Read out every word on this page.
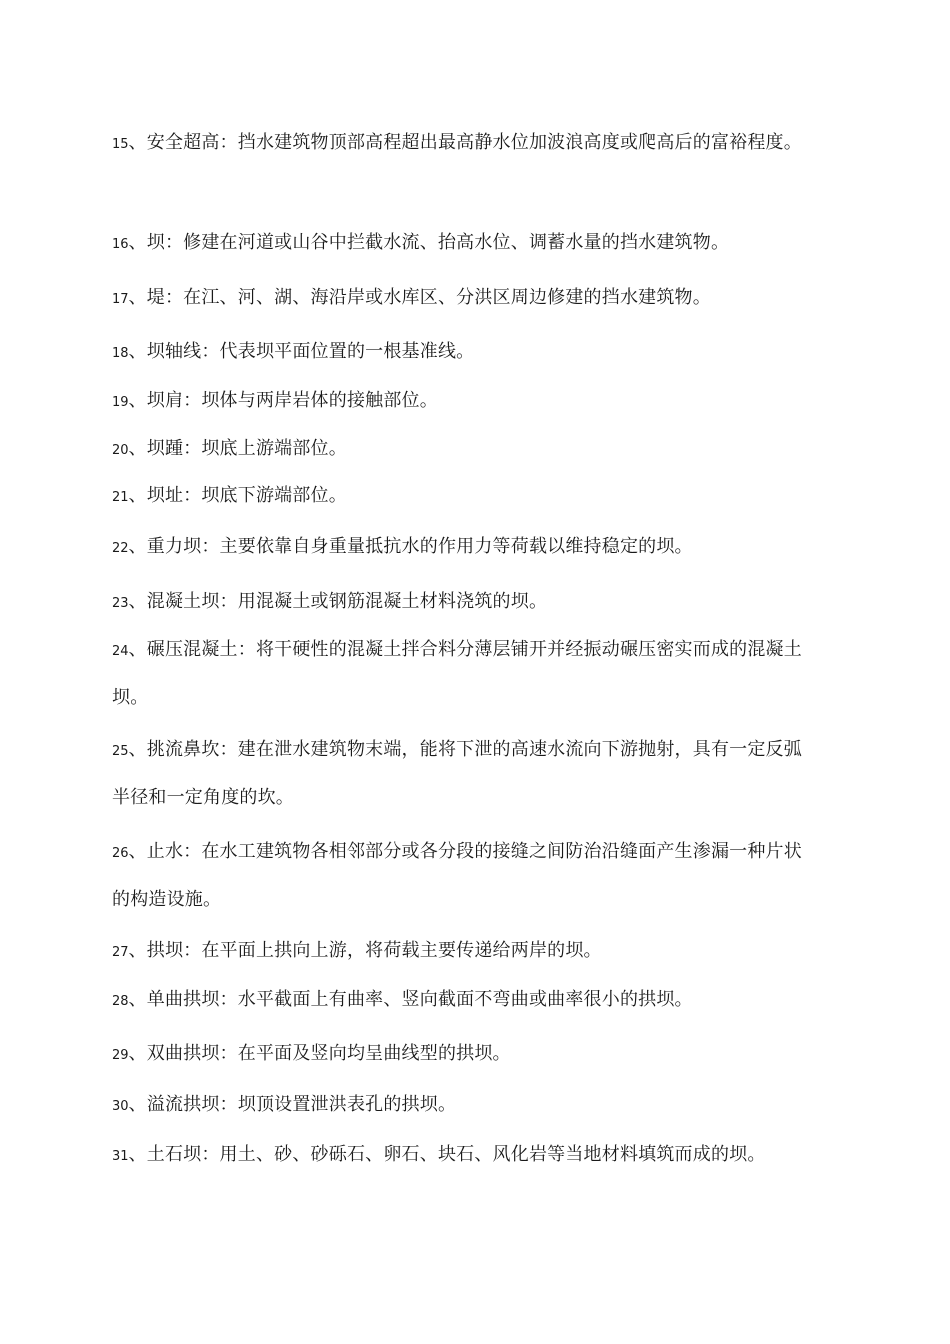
15、安全超高：挡水建筑物顶部高程超出最高静水位加波浪高度或爬高后的富裕程度。

16、坝：修建在河道或山谷中拦截水流、抬高水位、调蓄水量的挡水建筑物。

17、堤：在江、河、湖、海沿岸或水库区、分洪区周边修建的挡水建筑物。

18、坝轴线：代表坝平面位置的一根基准线。

19、坝肩：坝体与两岸岩体的接触部位。

20、坝踵：坝底上游端部位。

21、坝址：坝底下游端部位。

22、重力坝：主要依靠自身重量抵抗水的作用力等荷载以维持稳定的坝。

23、混凝土坝：用混凝土或钢筋混凝土材料浇筑的坝。

24、碾压混凝土：将干硬性的混凝土拌合料分薄层铺开并经振动碾压密实而成的混凝土坝。

25、挑流鼻坎：建在泄水建筑物末端，能将下泄的高速水流向下游抛射，具有一定反弧半径和一定角度的坎。

26、止水：在水工建筑物各相邻部分或各分段的接缝之间防治沿缝面产生渗漏一种片状的构造设施。

27、拱坝：在平面上拱向上游，将荷载主要传递给两岸的坝。

28、单曲拱坝：水平截面上有曲率、竖向截面不弯曲或曲率很小的拱坝。

29、双曲拱坝：在平面及竖向均呈曲线型的拱坝。

30、溢流拱坝：坝顶设置泄洪表孔的拱坝。

31、土石坝：用土、砂、砂砾石、卵石、块石、风化岩等当地材料填筑而成的坝。
